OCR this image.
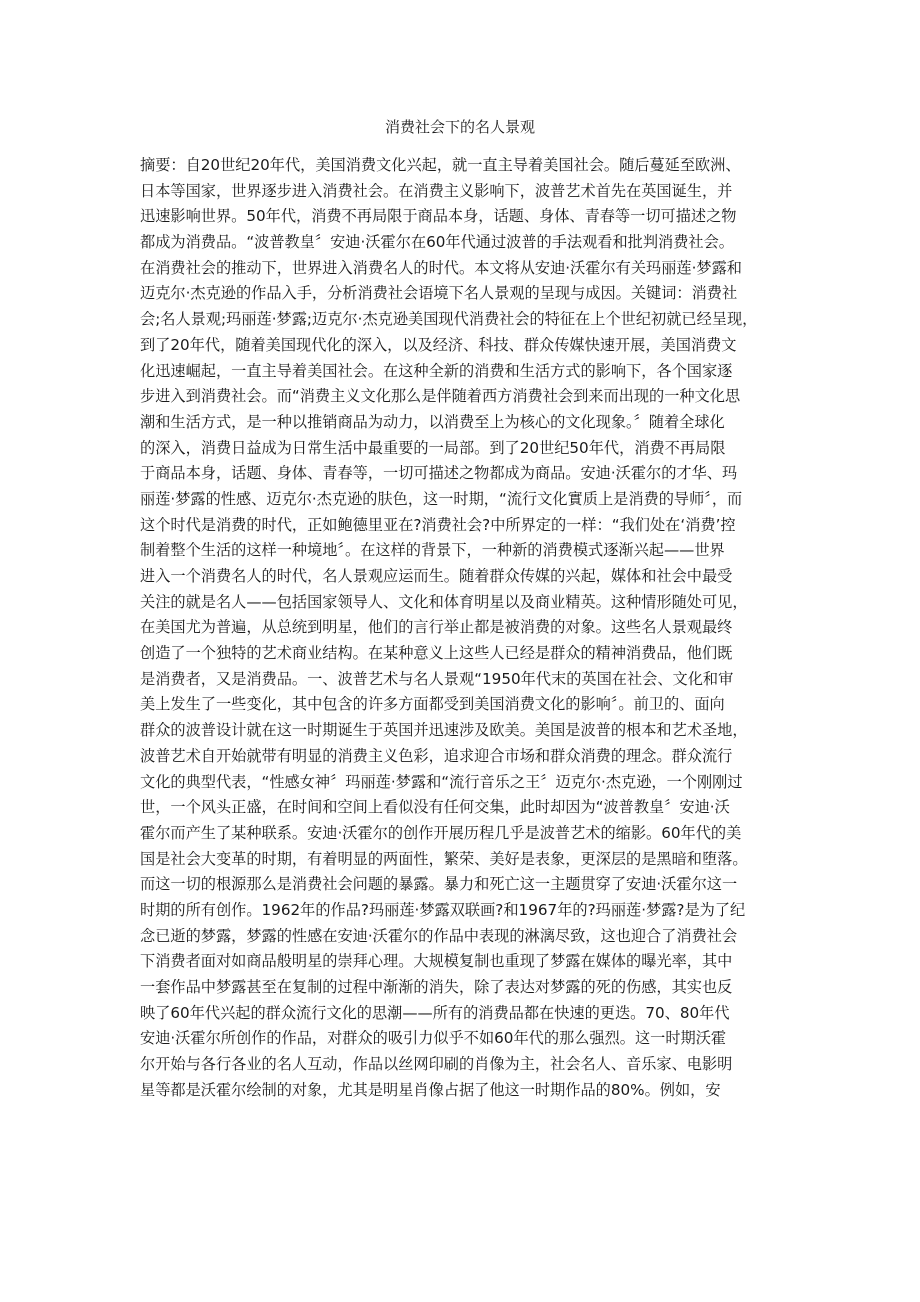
消费社会下的名人景观
摘要：自20世纪20年代，美国消费文化兴起，就一直主导着美国社会。随后蔓延至欧洲、
日本等国家，世界逐步进入消费社会。在消费主义影响下，波普艺术首先在英国诞生，并
迅速影响世界。50年代，消费不再局限于商品本身，话题、身体、青春等一切可描述之物
都成为消费品。“波普教皇〞安迪·沃霍尔在60年代通过波普的手法观看和批判消费社会。
在消费社会的推动下，世界进入消费名人的时代。本文将从安迪·沃霍尔有关玛丽莲·梦露和
迈克尔·杰克逊的作品入手，分析消费社会语境下名人景观的呈现与成因。关键词：消费社
会;名人景观;玛丽莲·梦露;迈克尔·杰克逊美国现代消费社会的特征在上个世纪初就已经呈现，
到了20年代，随着美国现代化的深入，以及经济、科技、群众传媒快速开展，美国消费文
化迅速崛起，一直主导着美国社会。在这种全新的消费和生活方式的影响下，各个国家逐
步进入到消费社会。而“消费主义文化那么是伴随着西方消费社会到来而出现的一种文化思
潮和生活方式，是一种以推销商品为动力，以消费至上为核心的文化现象。〞随着全球化
的深入，消费日益成为日常生活中最重要的一局部。到了20世纪50年代，消费不再局限
于商品本身，话题、身体、青春等，一切可描述之物都成为商品。安迪·沃霍尔的才华、玛
丽莲·梦露的性感、迈克尔·杰克逊的肤色，这一时期，“流行文化實质上是消费的导师〞，而
这个时代是消费的时代，正如鲍德里亚在?消费社会?中所界定的一样：“我们处在‘消费’控
制着整个生活的这样一种境地〞。在这样的背景下，一种新的消费模式逐渐兴起——世界
进入一个消费名人的时代，名人景观应运而生。随着群众传媒的兴起，媒体和社会中最受
关注的就是名人——包括国家领导人、文化和体育明星以及商业精英。这种情形随处可见，
在美国尤为普遍，从总统到明星，他们的言行举止都是被消费的对象。这些名人景观最终
创造了一个独特的艺术商业结构。在某种意义上这些人已经是群众的精神消费品，他们既
是消费者，又是消费品。一、波普艺术与名人景观“1950年代末的英国在社会、文化和审
美上发生了一些变化，其中包含的许多方面都受到美国消费文化的影响〞。前卫的、面向
群众的波普设计就在这一时期诞生于英国并迅速涉及欧美。美国是波普的根本和艺术圣地，
波普艺术自开始就带有明显的消费主义色彩，追求迎合市场和群众消费的理念。群众流行
文化的典型代表，“性感女神〞玛丽莲·梦露和“流行音乐之王〞迈克尔·杰克逊，一个刚刚过
世，一个风头正盛，在时间和空间上看似没有任何交集，此时却因为“波普教皇〞安迪·沃
霍尔而产生了某种联系。安迪·沃霍尔的创作开展历程几乎是波普艺术的缩影。60年代的美
国是社会大变革的时期，有着明显的两面性，繁荣、美好是表象，更深层的是黑暗和堕落。
而这一切的根源那么是消费社会问题的暴露。暴力和死亡这一主题贯穿了安迪·沃霍尔这一
时期的所有创作。1962年的作品?玛丽莲·梦露双联画?和1967年的?玛丽莲·梦露?是为了纪
念已逝的梦露，梦露的性感在安迪·沃霍尔的作品中表现的淋漓尽致，这也迎合了消费社会
下消费者面对如商品般明星的崇拜心理。大规模复制也重现了梦露在媒体的曝光率，其中
一套作品中梦露甚至在复制的过程中渐渐的消失，除了表达对梦露的死的伤感，其实也反
映了60年代兴起的群众流行文化的思潮——所有的消费品都在快速的更迭。70、80年代
安迪·沃霍尔所创作的作品，对群众的吸引力似乎不如60年代的那么强烈。这一时期沃霍
尔开始与各行各业的名人互动，作品以丝网印刷的肖像为主，社会名人、音乐家、电影明
星等都是沃霍尔绘制的对象，尤其是明星肖像占据了他这一时期作品的80%。例如，安
